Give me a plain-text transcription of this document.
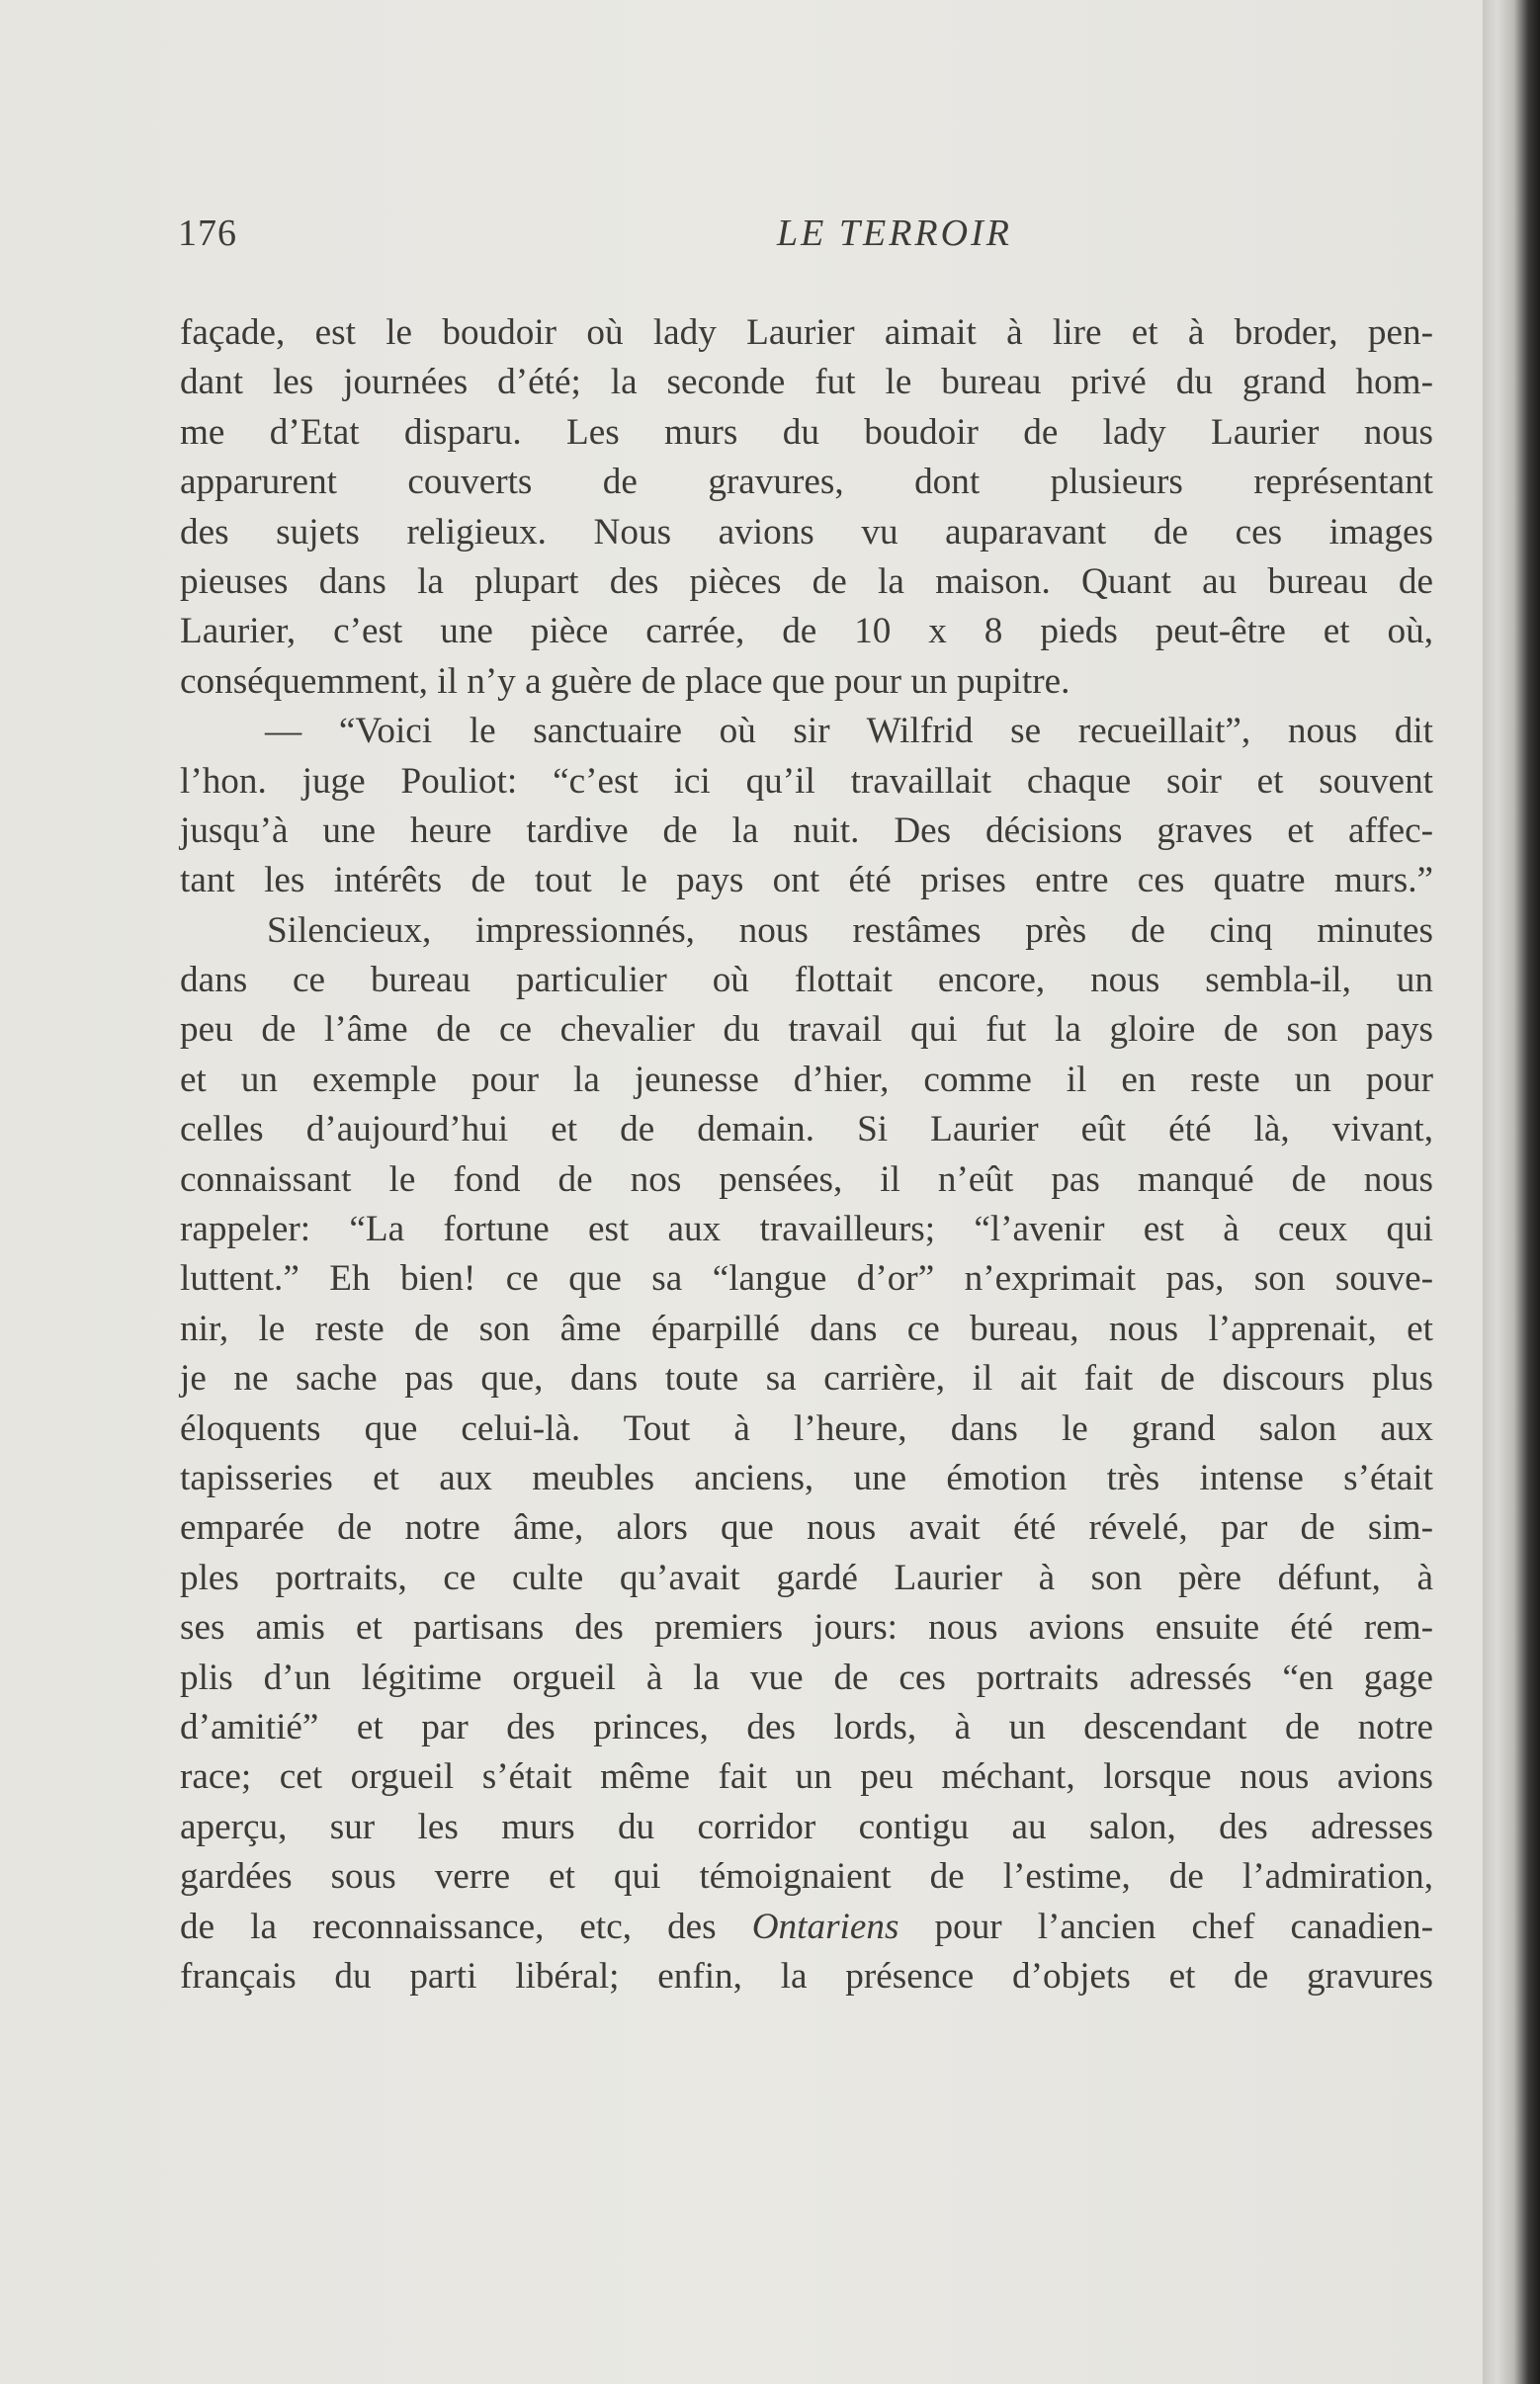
176	LE TERROIR
façade, est le boudoir où lady Laurier aimait à lire et à broder, pen-
dant les journées d’été; la seconde fut le bureau privé du grand hom-
me d’Etat disparu. Les murs du boudoir de lady Laurier nous
apparurent couverts de gravures, dont plusieurs représentant
des sujets religieux. Nous avions vu auparavant de ces images
pieuses dans la plupart des pièces de la maison. Quant au bureau de
Laurier, c’est une pièce carrée, de 10 x 8 pieds peut-être et où,
conséquemment, il n’y a guère de place que pour un pupitre.
— “Voici le sanctuaire où sir Wilfrid se recueillait”, nous dit
l’hon. juge Pouliot: “c’est ici qu’il travaillait chaque soir et souvent
jusqu’à une heure tardive de la nuit. Des décisions graves et affec-
tant les intérêts de tout le pays ont été prises entre ces quatre murs.”
Silencieux, impressionnés, nous restâmes près de cinq minutes
dans ce bureau particulier où flottait encore, nous sembla-il, un
peu de l’âme de ce chevalier du travail qui fut la gloire de son pays
et un exemple pour la jeunesse d’hier, comme il en reste un pour
celles d’aujourd’hui et de demain. Si Laurier eût été là, vivant,
connaissant le fond de nos pensées, il n’eût pas manqué de nous
rappeler: “La fortune est aux travailleurs; “l’avenir est à ceux qui
luttent.” Eh bien! ce que sa “langue d’or” n’exprimait pas, son souve-
nir, le reste de son âme éparpillé dans ce bureau, nous l’apprenait, et
je ne sache pas que, dans toute sa carrière, il ait fait de discours plus
éloquents que celui-là. Tout à l’heure, dans le grand salon aux
tapisseries et aux meubles anciens, une émotion très intense s’était
emparée de notre âme, alors que nous avait été révelé, par de sim-
ples portraits, ce culte qu’avait gardé Laurier à son père défunt, à
ses amis et partisans des premiers jours: nous avions ensuite été rem-
plis d’un légitime orgueil à la vue de ces portraits adressés “en gage
d’amitié” et par des princes, des lords, à un descendant de notre
race; cet orgueil s’était même fait un peu méchant, lorsque nous avions
aperçu, sur les murs du corridor contigu au salon, des adresses
gardées sous verre et qui témoignaient de l’estime, de l’admiration,
de la reconnaissance, etc, des Ontariens pour l’ancien chef canadien-
français du parti libéral; enfin, la présence d’objets et de gravures
